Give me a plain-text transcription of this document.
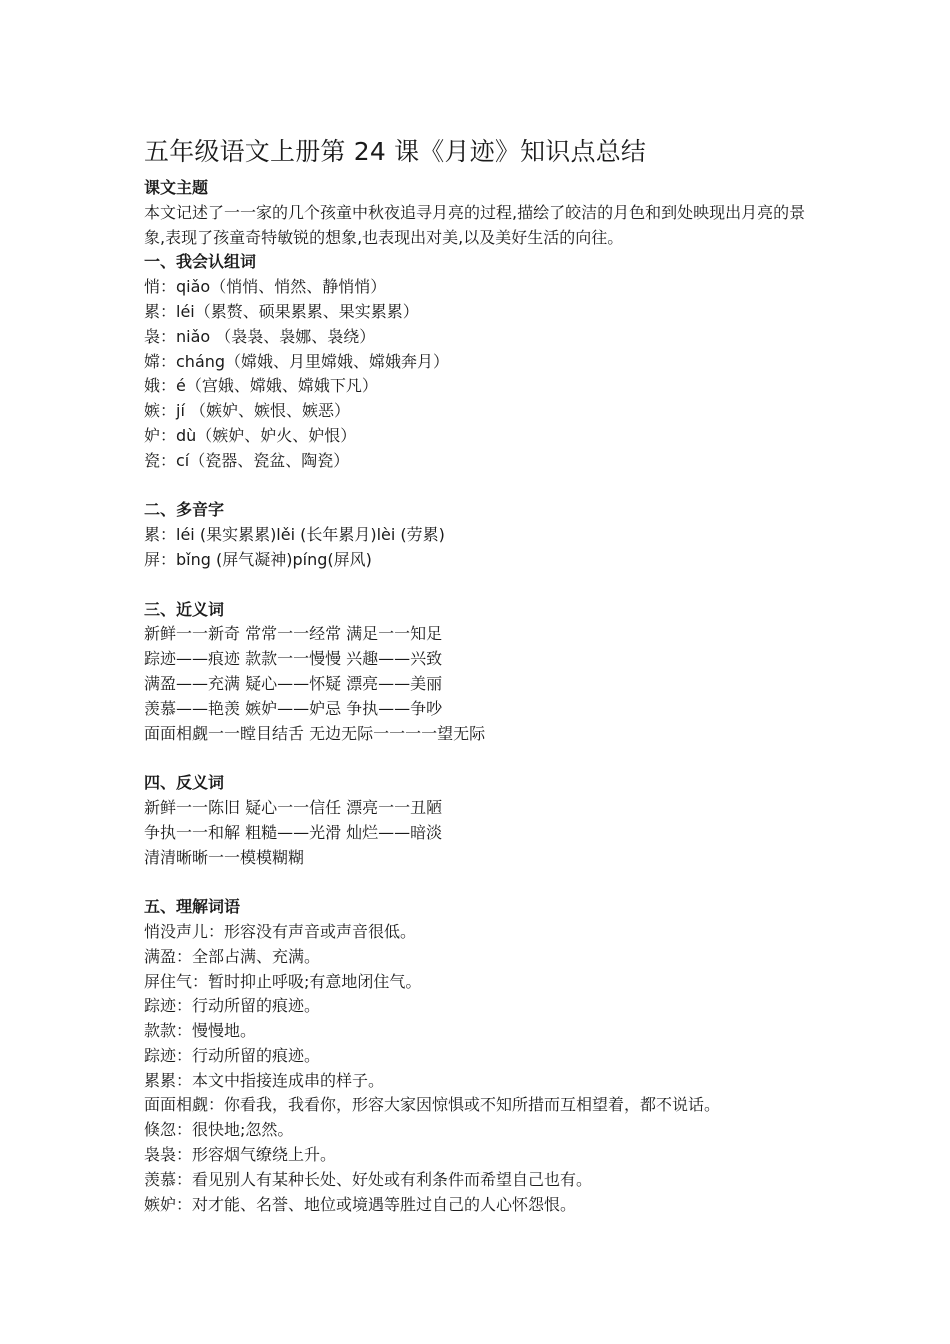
五年级语文上册第 24 课《月迹》知识点总结

课文主题

本文记述了一一家的几个孩童中秋夜追寻月亮的过程,描绘了皎洁的月色和到处映现出月亮的景象,表现了孩童奇特敏锐的想象,也表现出对美,以及美好生活的向往。

一、我会认组词

悄：qiǎo（悄悄、悄然、静悄悄）

累：léi（累赘、硕果累累、果实累累）

袅：niǎo （袅袅、袅娜、袅绕）

嫦：cháng（嫦娥、月里嫦娥、嫦娥奔月）

娥：é（宫娥、嫦娥、嫦娥下凡）

嫉：jí （嫉妒、嫉恨、嫉恶）

妒：dù（嫉妒、妒火、妒恨）

瓷：cí（瓷器、瓷盆、陶瓷）

二、多音字

累：léi (果实累累)lěi (长年累月)lèi (劳累)

屏：bǐng (屏气凝神)píng(屏风)

三、近义词

新鲜一一新奇 常常一一经常 满足一一知足

踪迹——痕迹 款款一一慢慢 兴趣——兴致

满盈——充满 疑心——怀疑 漂亮——美丽

羡慕——艳羡 嫉妒——妒忌 争执——争吵

面面相觑一一瞠目结舌 无边无际一一一一望无际

四、反义词

新鲜一一陈旧 疑心一一信任 漂亮一一丑陋

争执一一和解 粗糙——光滑 灿烂——暗淡

清清晰晰一一模模糊糊

五、理解词语

悄没声儿：形容没有声音或声音很低。

满盈：全部占满、充满。

屏住气：暂时抑止呼吸;有意地闭住气。

踪迹：行动所留的痕迹。

款款：慢慢地。

踪迹：行动所留的痕迹。

累累：本文中指接连成串的样子。

面面相觑：你看我，我看你，形容大家因惊惧或不知所措而互相望着，都不说话。

倏忽：很快地;忽然。

袅袅：形容烟气缭绕上升。

羡慕：看见别人有某种长处、好处或有利条件而希望自己也有。

嫉妒：对才能、名誉、地位或境遇等胜过自己的人心怀怨恨。
